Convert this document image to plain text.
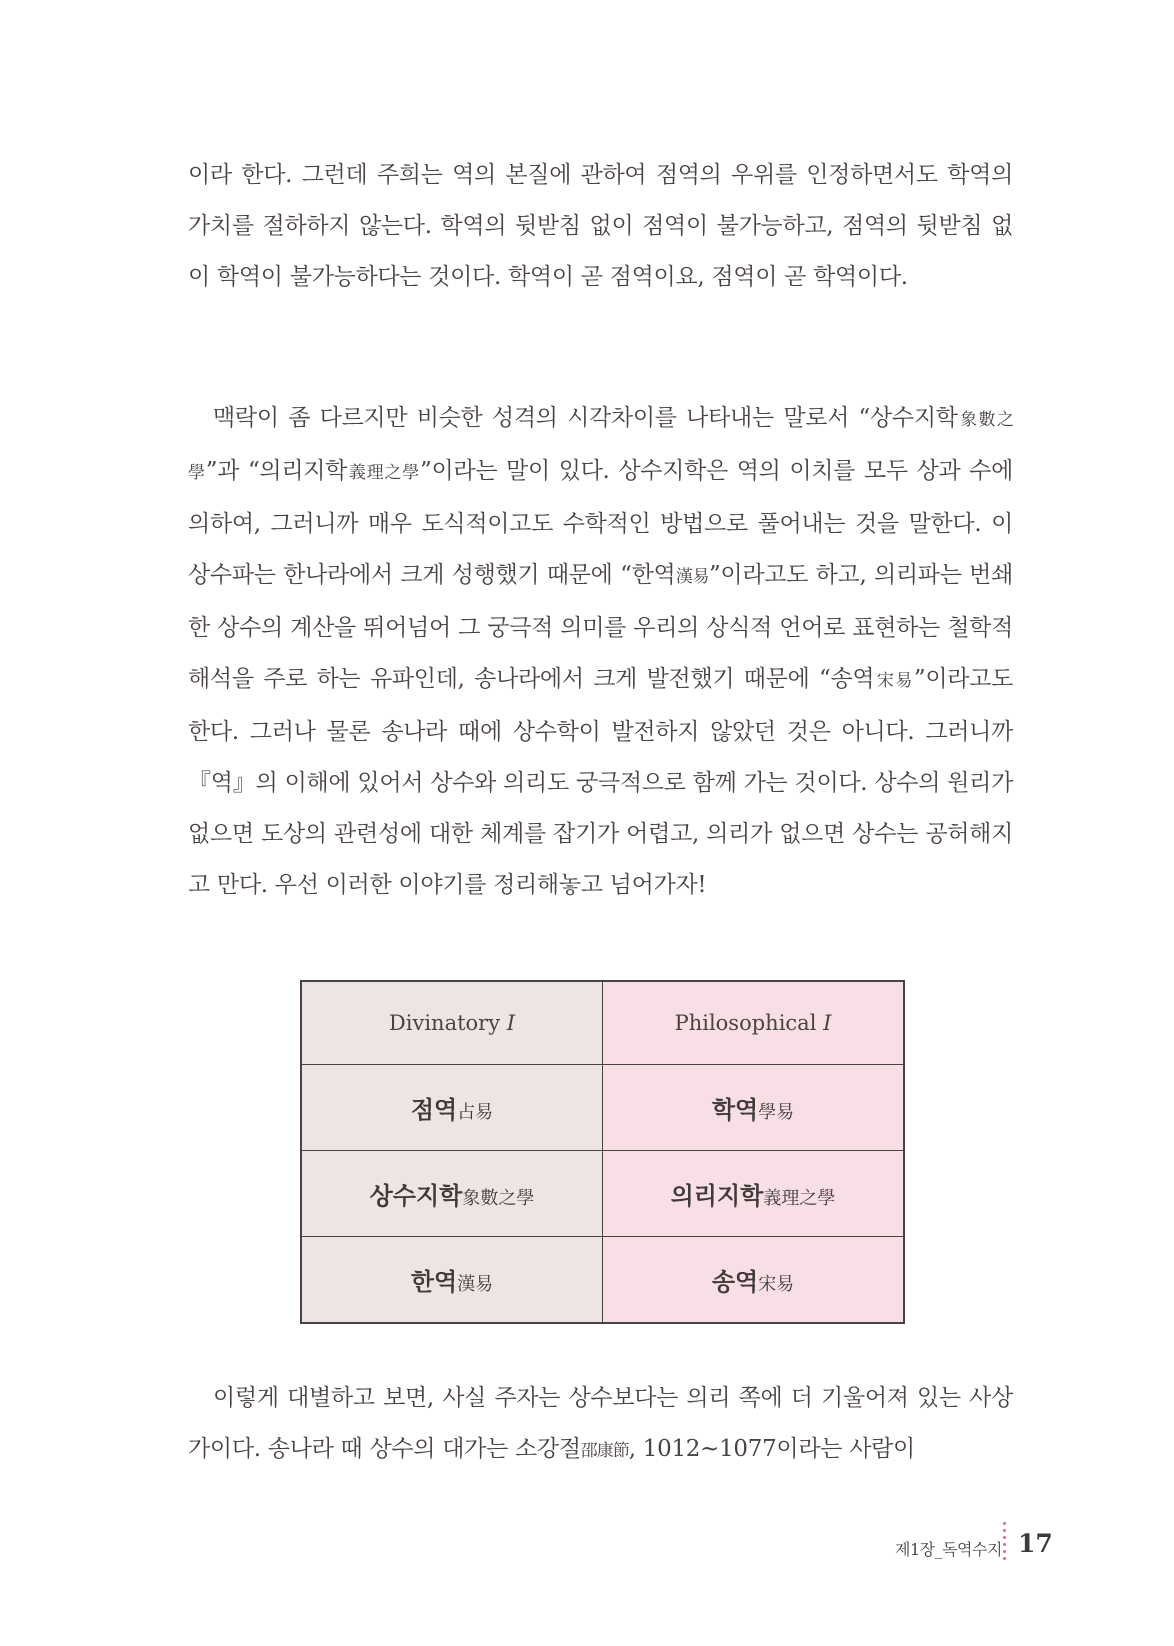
이라 한다. 그런데 주희는 역의 본질에 관하여 점역의 우위를 인정하면서도 학역의 가치를 절하하지 않는다. 학역의 뒷받침 없이 점역이 불가능하고, 점역의 뒷받침 없이 학역이 불가능하다는 것이다. 학역이 곧 점역이요, 점역이 곧 학역이다.

맥락이 좀 다르지만 비슷한 성격의 시각차이를 나타내는 말로서 “상수지학象數之學”과 “의리지학義理之學”이라는 말이 있다. 상수지학은 역의 이치를 모두 상과 수에 의하여, 그러니까 매우 도식적이고도 수학적인 방법으로 풀어내는 것을 말한다. 이 상수파는 한나라에서 크게 성행했기 때문에 “한역漢易”이라고도 하고, 의리파는 번쇄한 상수의 계산을 뛰어넘어 그 궁극적 의미를 우리의 상식적 언어로 표현하는 철학적 해석을 주로 하는 유파인데, 송나라에서 크게 발전했기 때문에 “송역宋易”이라고도 한다. 그러나 물론 송나라 때에 상수학이 발전하지 않았던 것은 아니다. 그러니까 『역』의 이해에 있어서 상수와 의리도 궁극적으로 함께 가는 것이다. 상수의 원리가 없으면 도상의 관련성에 대한 체계를 잡기가 어렵고, 의리가 없으면 상수는 공허해지고 만다. 우선 이러한 이야기를 정리해놓고 넘어가자!

Divinatory I	Philosophical I
점역占易	학역學易
상수지학象數之學	의리지학義理之學
한역漢易	송역宋易

이렇게 대별하고 보면, 사실 주자는 상수보다는 의리 쪽에 더 기울어져 있는 사상가이다. 송나라 때 상수의 대가는 소강절邵康節, 1012~1077이라는 사람이

제1장_독역수지 17
